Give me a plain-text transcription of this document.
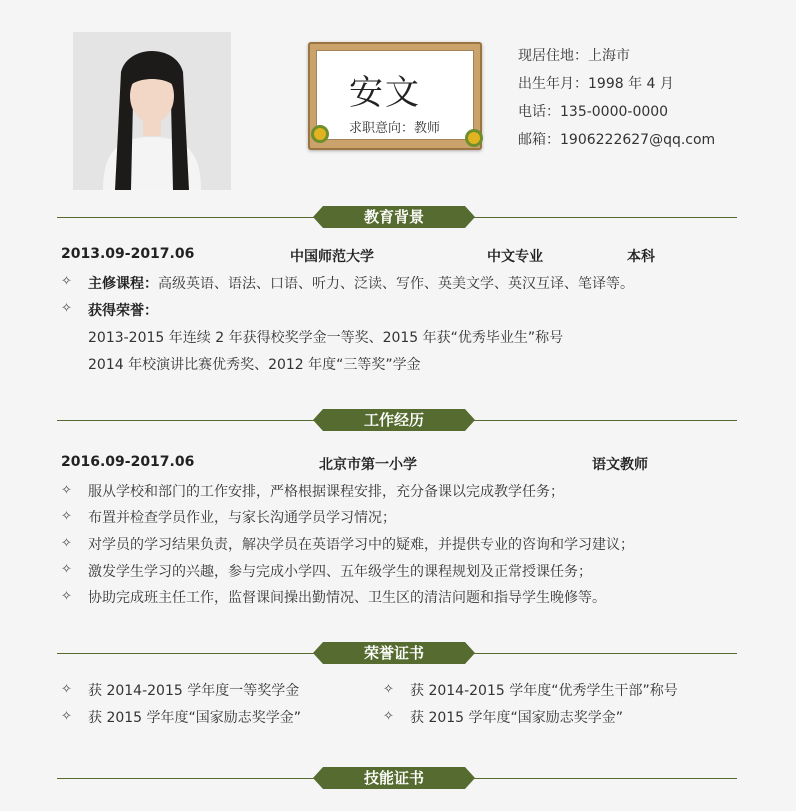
安文
求职意向：教师
现居住地：上海市
出生年月：1998 年 4 月
电话：135-0000-0000
邮箱：1906222627@qq.com
教育背景
2013.09-2017.06	中国师范大学	中文专业	本科
✧ 主修课程：高级英语、语法、口语、听力、泛读、写作、英美文学、英汉互译、笔译等。
✧ 获得荣誉：
2013-2015 年连续 2 年获得校奖学金一等奖、2015 年获“优秀毕业生”称号
2014 年校演讲比赛优秀奖、2012 年度“三等奖”学金
工作经历
2016.09-2017.06	北京市第一小学	语文教师
✧ 服从学校和部门的工作安排，严格根据课程安排，充分备课以完成教学任务；
✧ 布置并检查学员作业，与家长沟通学员学习情况；
✧ 对学员的学习结果负责，解决学员在英语学习中的疑难，并提供专业的咨询和学习建议；
✧ 激发学生学习的兴趣，参与完成小学四、五年级学生的课程规划及正常授课任务；
✧ 协助完成班主任工作，监督课间操出勤情况、卫生区的清洁问题和指导学生晚修等。
荣誉证书
✧ 获 2014-2015 学年度一等奖学金	✧ 获 2014-2015 学年度“优秀学生干部”称号
✧ 获 2015 学年度“国家励志奖学金”	✧ 获 2015 学年度“国家励志奖学金”
技能证书
